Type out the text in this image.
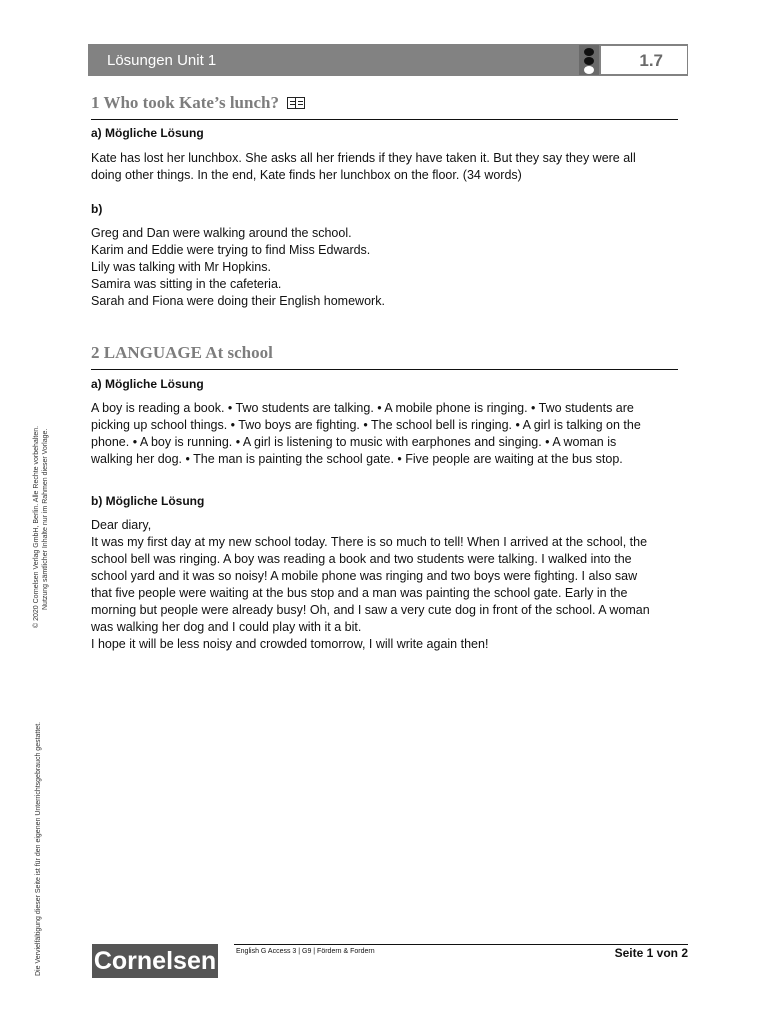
Lösungen Unit 1	1.7
1 Who took Kate’s lunch?

a) Mögliche Lösung

Kate has lost her lunchbox. She asks all her friends if they have taken it. But they say they were all
doing other things. In the end, Kate finds her lunchbox on the floor. (34 words)

b)

Greg and Dan were walking around the school.
Karim and Eddie were trying to find Miss Edwards.
Lily was talking with Mr Hopkins.
Samira was sitting in the cafeteria.
Sarah and Fiona were doing their English homework.

2 LANGUAGE At school

a) Mögliche Lösung

A boy is reading a book. • Two students are talking. • A mobile phone is ringing. • Two students are
picking up school things. • Two boys are fighting. • The school bell is ringing. • A girl is talking on the
phone. • A boy is running. • A girl is listening to music with earphones and singing. • A woman is
walking her dog. • The man is painting the school gate. • Five people are waiting at the bus stop.

b) Mögliche Lösung

Dear diary,
It was my first day at my new school today. There is so much to tell! When I arrived at the school, the
school bell was ringing. A boy was reading a book and two students were talking. I walked into the
school yard and it was so noisy! A mobile phone was ringing and two boys were fighting. I also saw
that five people were waiting at the bus stop and a man was painting the school gate. Early in the
morning but people were already busy! Oh, and I saw a very cute dog in front of the school. A woman
was walking her dog and I could play with it a bit.
I hope it will be less noisy and crowded tomorrow, I will write again then!

© 2020 Cornelsen Verlag GmbH, Berlin. Alle Rechte vorbehalten. Nutzung sämtlicher Inhalte nur im Rahmen dieser Vorlage.
Die Vervielfältigung dieser Seite ist für den eigenen Unterrichtsgebrauch gestattet. Cornelsen	English G Access 3 | G9 | Fördern & Fordern	Seite 1 von 2
